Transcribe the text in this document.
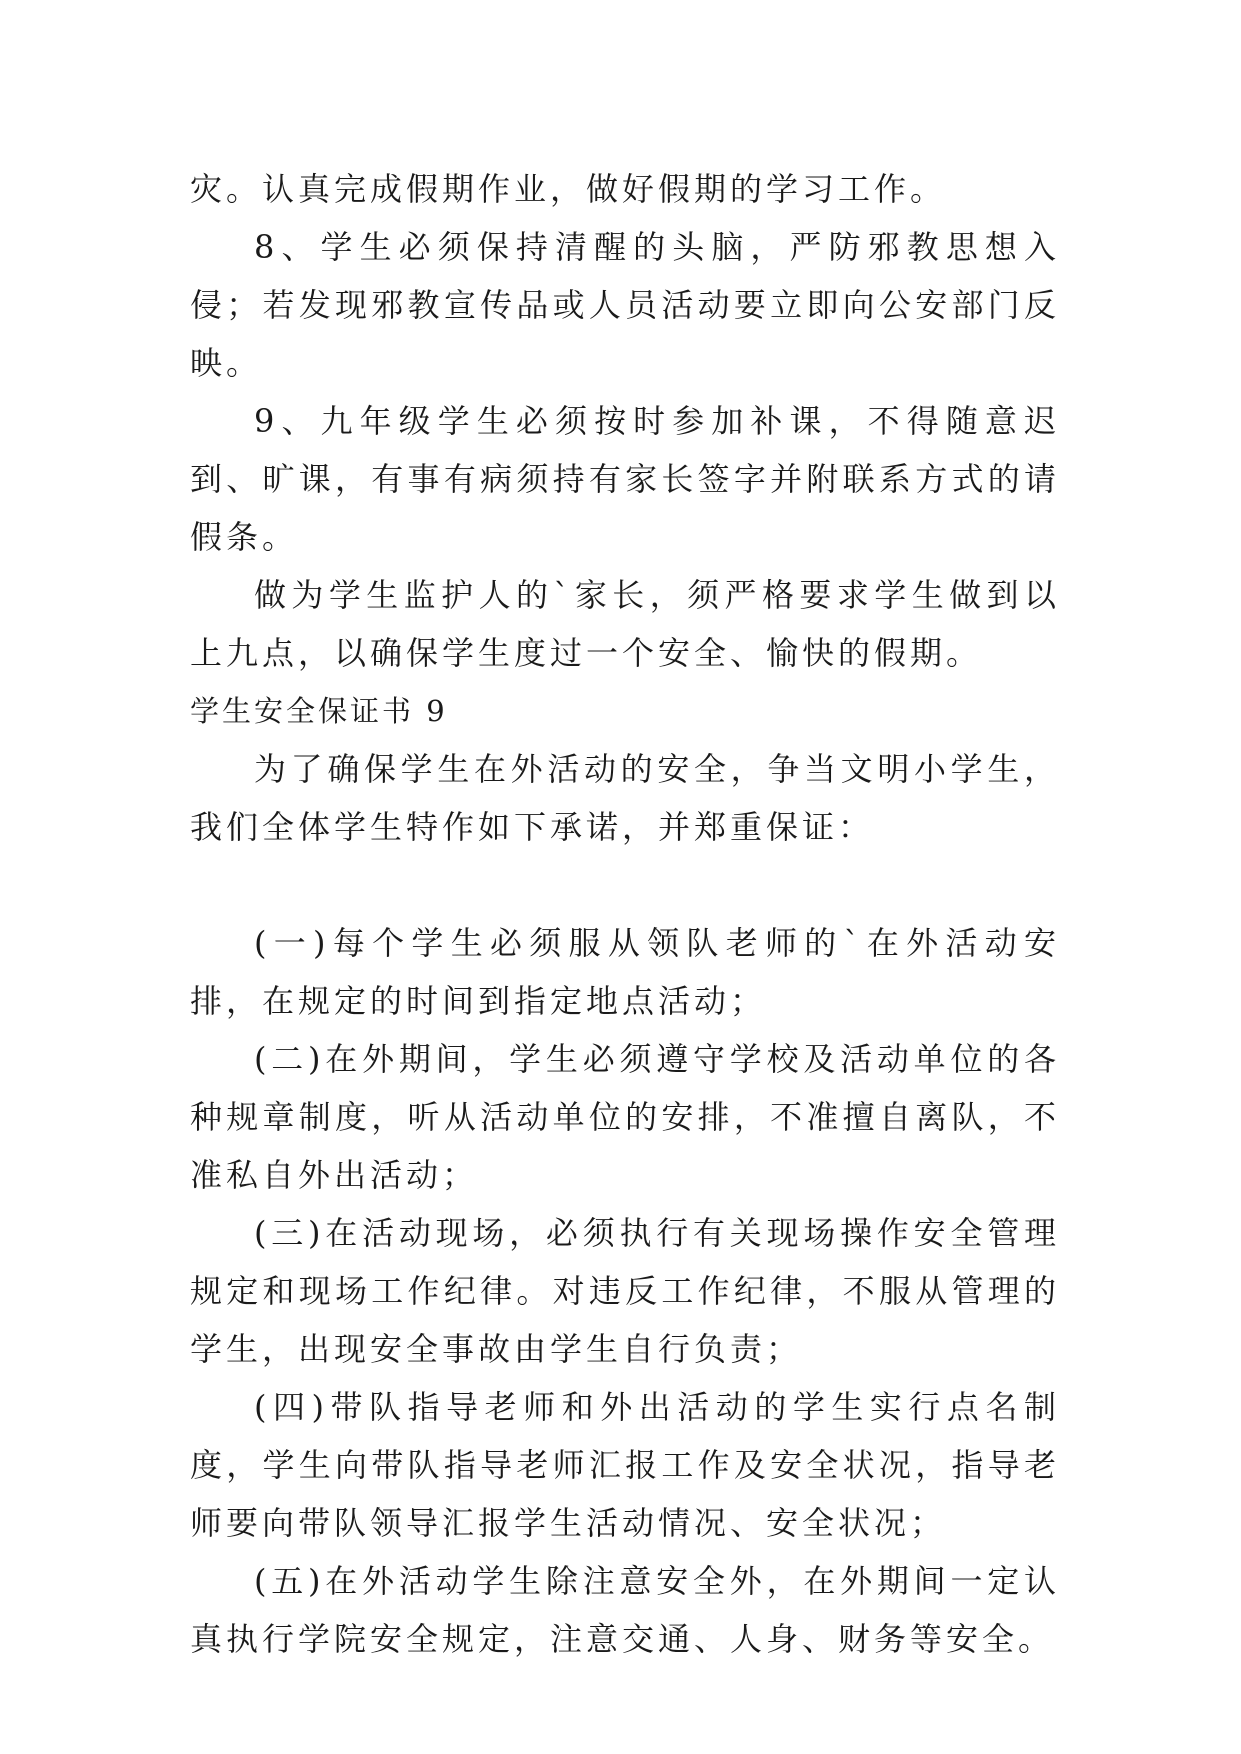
灾。认真完成假期作业，做好假期的学习工作。

8、学生必须保持清醒的头脑，严防邪教思想入侵；若发现邪教宣传品或人员活动要立即向公安部门反映。

9、九年级学生必须按时参加补课，不得随意迟到、旷课，有事有病须持有家长签字并附联系方式的请假条。

做为学生监护人的`家长，须严格要求学生做到以上九点，以确保学生度过一个安全、愉快的假期。

学生安全保证书 9

为了确保学生在外活动的安全，争当文明小学生，我们全体学生特作如下承诺，并郑重保证：

(一)每个学生必须服从领队老师的`在外活动安排，在规定的时间到指定地点活动；

(二)在外期间，学生必须遵守学校及活动单位的各种规章制度，听从活动单位的安排，不准擅自离队，不准私自外出活动；

(三)在活动现场，必须执行有关现场操作安全管理规定和现场工作纪律。对违反工作纪律，不服从管理的学生，出现安全事故由学生自行负责；

(四)带队指导老师和外出活动的学生实行点名制度，学生向带队指导老师汇报工作及安全状况，指导老师要向带队领导汇报学生活动情况、安全状况；

(五)在外活动学生除注意安全外，在外期间一定认真执行学院安全规定，注意交通、人身、财务等安全。
